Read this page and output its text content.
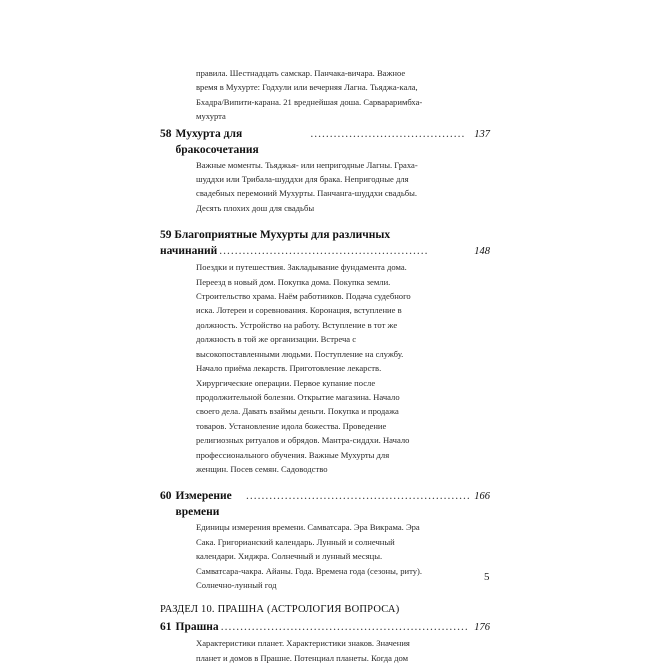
правила. Шестнадцать самскар. Панчака-вичара. Важное
время в Мухурте: Годхули или вечерняя Лагна. Тьяджа-кала,
Бхадра/Випити-карана. 21 вреднейшая доша. Сарвараримбха-
мухурта
58 Мухурта для бракосочетания
........................................ 137
Важные моменты. Тьяджья- или непригодные Лагны. Граха-
шуддхи или Трибала-шуддхи для брака. Непригодные для
свадебных перемоний Мухурты. Панчанга-шуддхи свадьбы.
Десять плохих дош для свадьбы
59 Благоприятные Мухурты для различных
начинаний ......................................................	148
Поездки и путешествия. Закладывание фундамента дома.
Переезд в новый дом. Покупка дома. Покупка земли.
Строительство храма. Наём работников. Подача судебного
иска. Лотереи и соревнования. Коронация, вступление в
должность. Устройство на работу. Вступление в тот же
должность в той же организации. Встреча с
высокопоставленными людьми. Поступление на службу.
Начало приёма лекарств. Приготовление лекарств.
Хирургические операции. Первое купание после
продолжительной болезни. Открытие магазина. Начало
своего дела. Давать взаймы деньги. Покупка и продажа
товаров. Установление идола божества. Проведение
религиозных ритуалов и обрядов. Мантра-сиддхи. Начало
профессионального обучения. Важные Мухурты для
женщин. Посев семян. Садоводство
60 Измерение времени
.......................................................... 166
Единицы измерения времени. Самватсара. Эра Викрама. Эра
Сака. Григорианский календарь. Лунный и солнечный
календари. Хиджра. Солнечный и лунный месяцы.
Самватсара-чакра. Айаны. Года. Времена года (сезоны, риту).
Солнечно-лунный год
РАЗДЕЛ 10. ПРАШНА (АСТРОЛОГИЯ ВОПРОСА)
61 Прашна ................................................................ 176
Характеристики планет. Характеристики знаков. Значения
планет и домов в Прашне. Потенциал планеты. Когда дом
5
